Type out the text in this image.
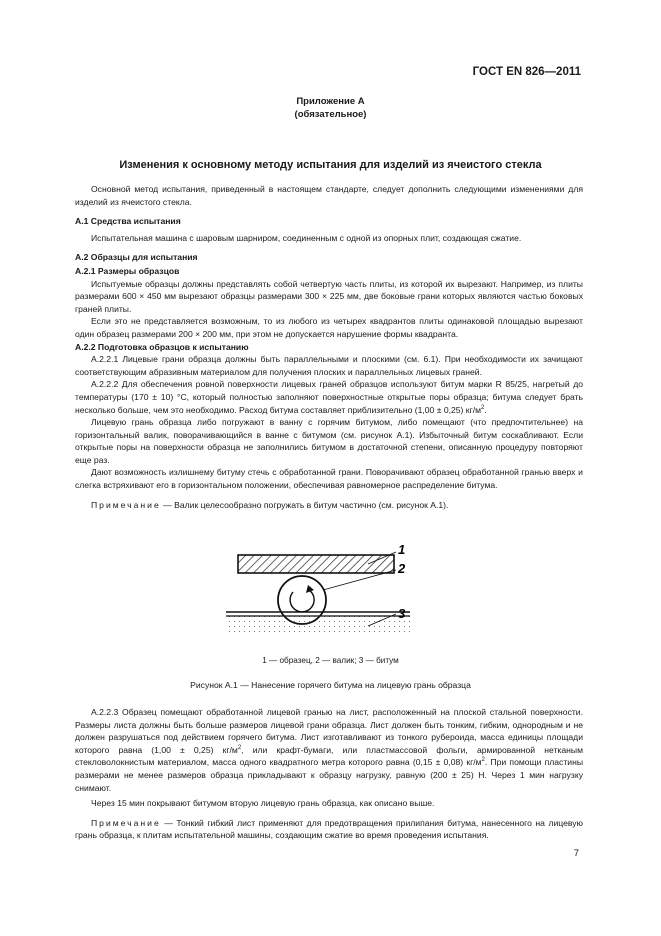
ГОСТ EN 826—2011
Приложение А
(обязательное)
Изменения к основному методу испытания для изделий из ячеистого стекла

Основной метод испытания, приведенный в настоящем стандарте, следует дополнить следующими изменениями для изделий из ячеистого стекла.

А.1 Средства испытания

Испытательная машина с шаровым шарниром, соединенным с одной из опорных плит, создающая сжатие.

А.2 Образцы для испытания

А.2.1 Размеры образцов

Испытуемые образцы должны представлять собой четвертую часть плиты, из которой их вырезают. Например, из плиты размерами 600 × 450 мм вырезают образцы размерами 300 × 225 мм, две боковые грани которых являются частью боковых граней плиты.

Если это не представляется возможным, то из любого из четырех квадрантов плиты одинаковой площадью вырезают один образец размерами 200 × 200 мм, при этом не допускается нарушение формы квадранта.

А.2.2 Подготовка образцов к испытанию

А.2.2.1 Лицевые грани образца должны быть параллельными и плоскими (см. 6.1). При необходимости их зачищают соответствующим абразивным материалом для получения плоских и параллельных лицевых граней.

А.2.2.2 Для обеспечения ровной поверхности лицевых граней образцов используют битум марки R 85/25, нагретый до температуры (170 ± 10) °С, который полностью заполняют поверхностные открытые поры образца; битума следует брать несколько больше, чем это необходимо. Расход битума составляет приблизительно (1,00 ± 0,25) $кг/м^2$.

Лицевую грань образца либо погружают в ванну с горячим битумом, либо помещают (что предпочтительнее) на горизонтальный валик, поворачивающийся в ванне с битумом (см. рисунок А.1). Избыточный битум соскабливают. Если открытые поры на поверхности образца не заполнились битумом в достаточной степени, описанную процедуру повторяют еще раз.

Дают возможность излишнему битуму стечь с обработанной грани. Поворачивают образец обработанной гранью вверх и слегка встряхивают его в горизонтальном положении, обеспечивая равномерное распределение битума.

Примечание — Валик целесообразно погружать в битум частично (см. рисунок А.1).

1
2
3
1 — образец, 2 — валик; 3 — битум
Рисунок А.1 — Нанесение горячего битума на лицевую грань образца

А.2.2.3 Образец помещают обработанной лицевой гранью на лист, расположенный на плоской стальной поверхности. Размеры листа должны быть больше размеров лицевой грани образца. Лист должен быть тонким, гибким, однородным и не должен разрушаться под действием горячего битума. Лист изготавливают из тонкого рубероида, масса единицы площади которого равна (1,00 ± 0,25) $кг/м^2$, или крафт-бумаги, или пластмассовой фольги, армированной нетканым стекловолокнистым материалом, масса одного квадратного метра которого равна (0,15 ± 0,08) $кг/м^2$. При помощи пластины размерами не менее размеров образца прикладывают к образцу нагрузку, равную (200 ± 25) Н. Через 1 мин нагрузку снимают.

Через 15 мин покрывают битумом вторую лицевую грань образца, как описано выше.

Примечание — Тонкий гибкий лист применяют для предотвращения прилипания битума, нанесенного на лицевую грань образца, к плитам испытательной машины, создающим сжатие во время проведения испытания.

7
